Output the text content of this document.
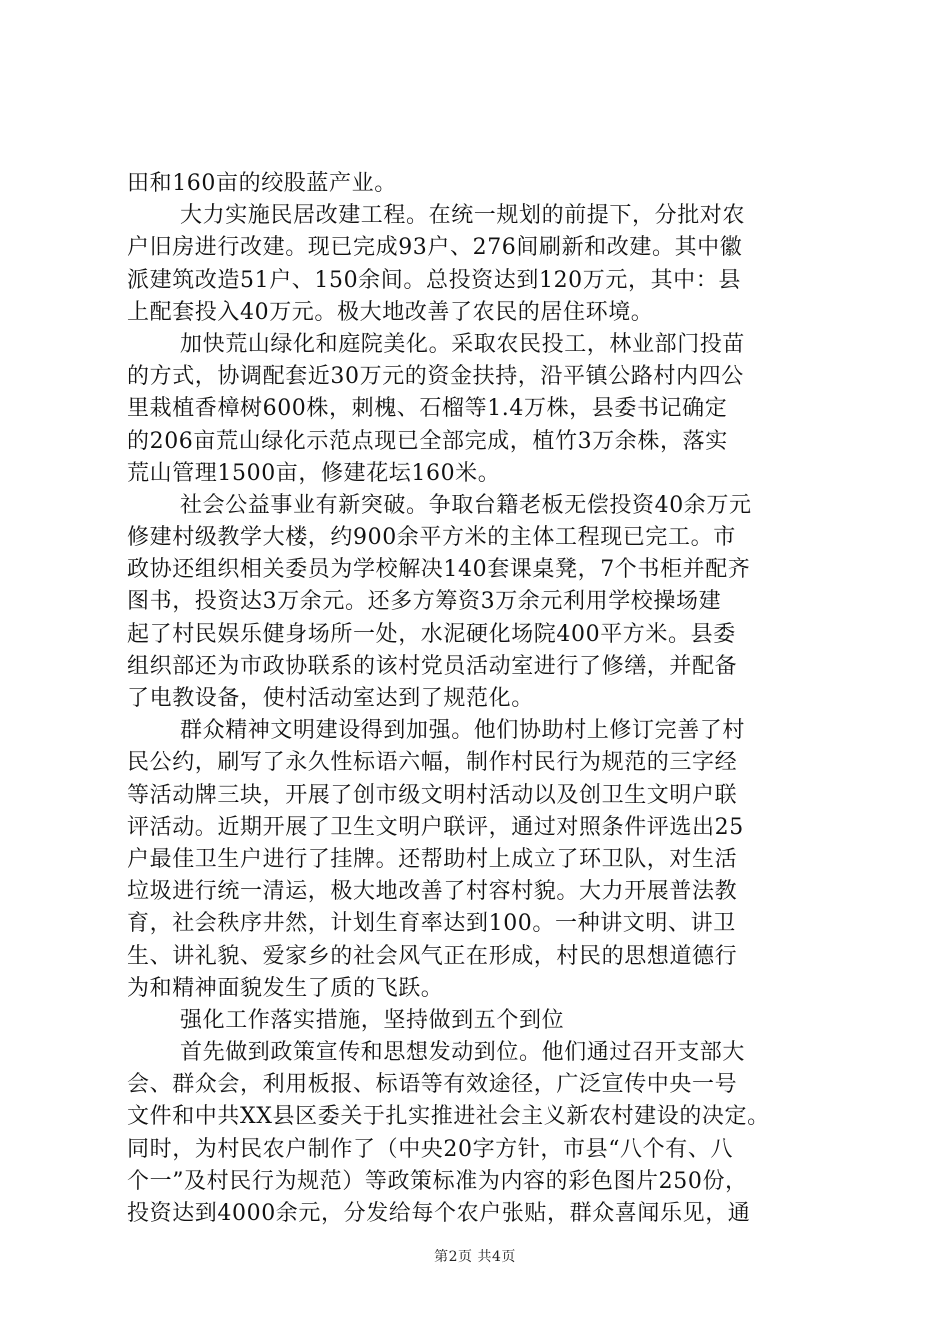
田和160亩的绞股蓝产业。
大力实施民居改建工程。在统一规划的前提下，分批对农
户旧房进行改建。现已完成93户、276间刷新和改建。其中徽
派建筑改造51户、150余间。总投资达到120万元，其中：县
上配套投入40万元。极大地改善了农民的居住环境。
加快荒山绿化和庭院美化。采取农民投工，林业部门投苗
的方式，协调配套近30万元的资金扶持，沿平镇公路村内四公
里栽植香樟树600株，刺槐、石榴等1.4万株，县委书记确定
的206亩荒山绿化示范点现已全部完成，植竹3万余株，落实
荒山管理1500亩，修建花坛160米。
社会公益事业有新突破。争取台籍老板无偿投资40余万元
修建村级教学大楼，约900余平方米的主体工程现已完工。市
政协还组织相关委员为学校解决140套课桌凳，7个书柜并配齐
图书，投资达3万余元。还多方筹资3万余元利用学校操场建
起了村民娱乐健身场所一处，水泥硬化场院400平方米。县委
组织部还为市政协联系的该村党员活动室进行了修缮，并配备
了电教设备，使村活动室达到了规范化。
群众精神文明建设得到加强。他们协助村上修订完善了村
民公约，刷写了永久性标语六幅，制作村民行为规范的三字经
等活动牌三块，开展了创市级文明村活动以及创卫生文明户联
评活动。近期开展了卫生文明户联评，通过对照条件评选出25
户最佳卫生户进行了挂牌。还帮助村上成立了环卫队，对生活
垃圾进行统一清运，极大地改善了村容村貌。大力开展普法教
育，社会秩序井然，计划生育率达到100。一种讲文明、讲卫
生、讲礼貌、爱家乡的社会风气正在形成，村民的思想道德行
为和精神面貌发生了质的飞跃。
强化工作落实措施，坚持做到五个到位
首先做到政策宣传和思想发动到位。他们通过召开支部大
会、群众会，利用板报、标语等有效途径，广泛宣传中央一号
文件和中共XX县区委关于扎实推进社会主义新农村建设的决定。
同时，为村民农户制作了（中央20字方针，市县“八个有、八
个一”及村民行为规范）等政策标准为内容的彩色图片250份，
投资达到4000余元，分发给每个农户张贴，群众喜闻乐见，通
第2页 共4页
